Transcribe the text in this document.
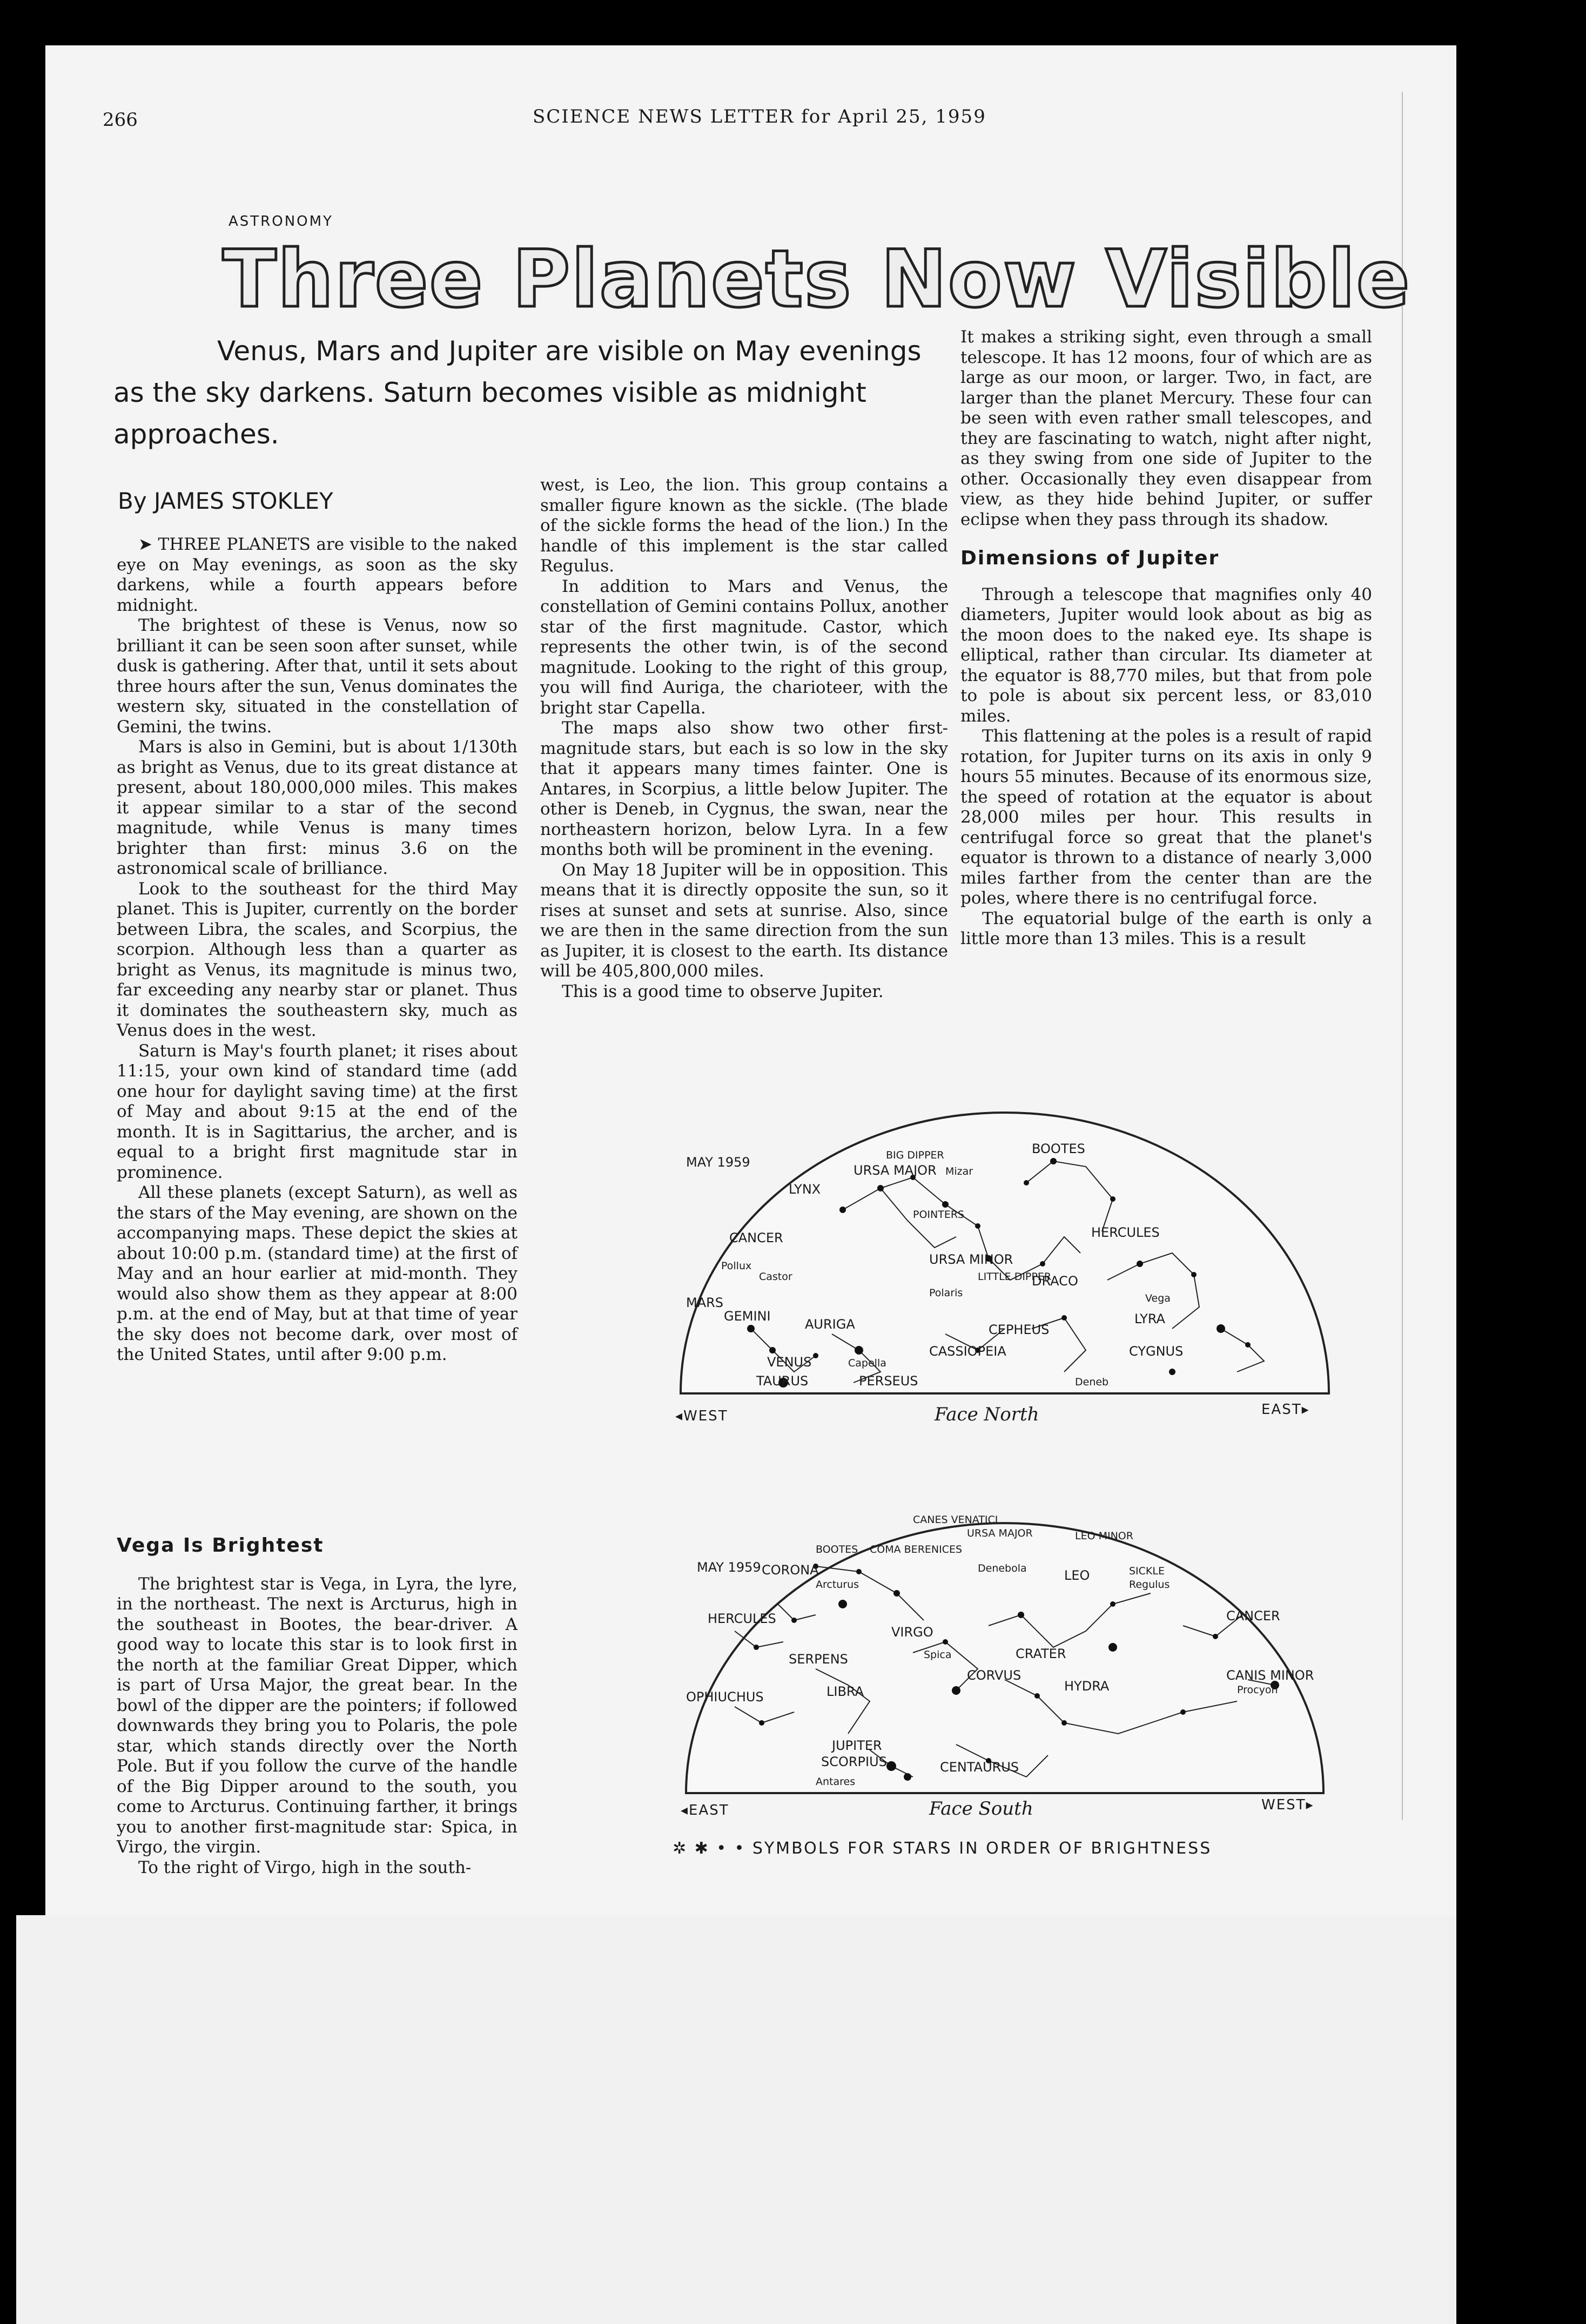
266	SCIENCE NEWS LETTER for April 25, 1959
ASTRONOMY
Three Planets Now Visible
Venus, Mars and Jupiter are visible on May evenings as the sky darkens. Saturn becomes visible as midnight approaches.
By JAMES STOKLEY

➤ THREE PLANETS are visible to the naked eye on May evenings, as soon as the sky darkens, while a fourth appears before midnight.

The brightest of these is Venus, now so brilliant it can be seen soon after sunset, while dusk is gathering. After that, until it sets about three hours after the sun, Venus dominates the western sky, situated in the constellation of Gemini, the twins.

Mars is also in Gemini, but is about 1/130th as bright as Venus, due to its great distance at present, about 180,000,000 miles. This makes it appear similar to a star of the second magnitude, while Venus is many times brighter than first: minus 3.6 on the astronomical scale of brilliance.

Look to the southeast for the third May planet. This is Jupiter, currently on the border between Libra, the scales, and Scorpius, the scorpion. Although less than a quarter as bright as Venus, its magnitude is minus two, far exceeding any nearby star or planet. Thus it dominates the southeastern sky, much as Venus does in the west.

Saturn is May's fourth planet; it rises about 11:15, your own kind of standard time (add one hour for daylight saving time) at the first of May and about 9:15 at the end of the month. It is in Sagittarius, the archer, and is equal to a bright first magnitude star in prominence.

All these planets (except Saturn), as well as the stars of the May evening, are shown on the accompanying maps. These depict the skies at about 10:00 p.m. (standard time) at the first of May and an hour earlier at mid-month. They would also show them as they appear at 8:00 p.m. at the end of May, but at that time of year the sky does not become dark, over most of the United States, until after 9:00 p.m.

Vega Is Brightest

The brightest star is Vega, in Lyra, the lyre, in the northeast. The next is Arcturus, high in the southeast in Bootes, the bear-driver. A good way to locate this star is to look first in the north at the familiar Great Dipper, which is part of Ursa Major, the great bear. In the bowl of the dipper are the pointers; if followed downwards they bring you to Polaris, the pole star, which stands directly over the North Pole. But if you follow the curve of the handle of the Big Dipper around to the south, you come to Arcturus. Continuing farther, it brings you to another first-magnitude star: Spica, in Virgo, the virgin.

To the right of Virgo, high in the south-

west, is Leo, the lion. This group contains a smaller figure known as the sickle. (The blade of the sickle forms the head of the lion.) In the handle of this implement is the star called Regulus.

In addition to Mars and Venus, the constellation of Gemini contains Pollux, another star of the first magnitude. Castor, which represents the other twin, is of the second magnitude. Looking to the right of this group, you will find Auriga, the charioteer, with the bright star Capella.

The maps also show two other first-magnitude stars, but each is so low in the sky that it appears many times fainter. One is Antares, in Scorpius, a little below Jupiter. The other is Deneb, in Cygnus, the swan, near the northeastern horizon, below Lyra. In a few months both will be prominent in the evening.

On May 18 Jupiter will be in opposition. This means that it is directly opposite the sun, so it rises at sunset and sets at sunrise. Also, since we are then in the same direction from the sun as Jupiter, it is closest to the earth. Its distance will be 405,800,000 miles.

This is a good time to observe Jupiter.

It makes a striking sight, even through a small telescope. It has 12 moons, four of which are as large as our moon, or larger. Two, in fact, are larger than the planet Mercury. These four can be seen with even rather small telescopes, and they are fascinating to watch, night after night, as they swing from one side of Jupiter to the other. Occasionally they even disappear from view, as they hide behind Jupiter, or suffer eclipse when they pass through its shadow.

Dimensions of Jupiter

Through a telescope that magnifies only 40 diameters, Jupiter would look about as big as the moon does to the naked eye. Its shape is elliptical, rather than circular. Its diameter at the equator is 88,770 miles, but that from pole to pole is about six percent less, or 83,010 miles.

This flattening at the poles is a result of rapid rotation, for Jupiter turns on its axis in only 9 hours 55 minutes. Because of its enormous size, the speed of rotation at the equator is about 28,000 miles per hour. This results in centrifugal force so great that the planet's equator is thrown to a distance of nearly 3,000 miles farther from the center than are the poles, where there is no centrifugal force.

The equatorial bulge of the earth is only a little more than 13 miles. This is a result

MAY 1959	BIG DIPPER
Mizar
BOOTES
URSA MAJOR
POINTERS
LYNX
CANCER
Pollux
Castor
MARS
GEMINI
URSA MINOR
Polaris
LITTLE DIPPER
HERCULES
DRACO
Vega
LYRA
AURIGA
Capella
CEPHEUS
CASSIOPEIA	CYGNUS
VENUS
TAURUS	PERSEUS	Deneb
◂WEST	Face North	EAST▸
CANES VENATICI
URSA MAJOR	LEO MINOR
BOOTES COMA BERENICES
MAY 1959 CORONA
Arcturus
Denebola	LEO	SICKLE
Regulus
HERCULES
SERPENS
VIRGO
Spica	CRATER
CANCER
OPHIUCHUS	LIBRA
CORVUS
HYDRA
CANIS MINOR
Procyon
JUPITER
SCORPIUS
Antares
CENTAURUS
◂EAST	Face South	WEST▸
✲ ✱ • • SYMBOLS FOR STARS IN ORDER OF BRIGHTNESS
